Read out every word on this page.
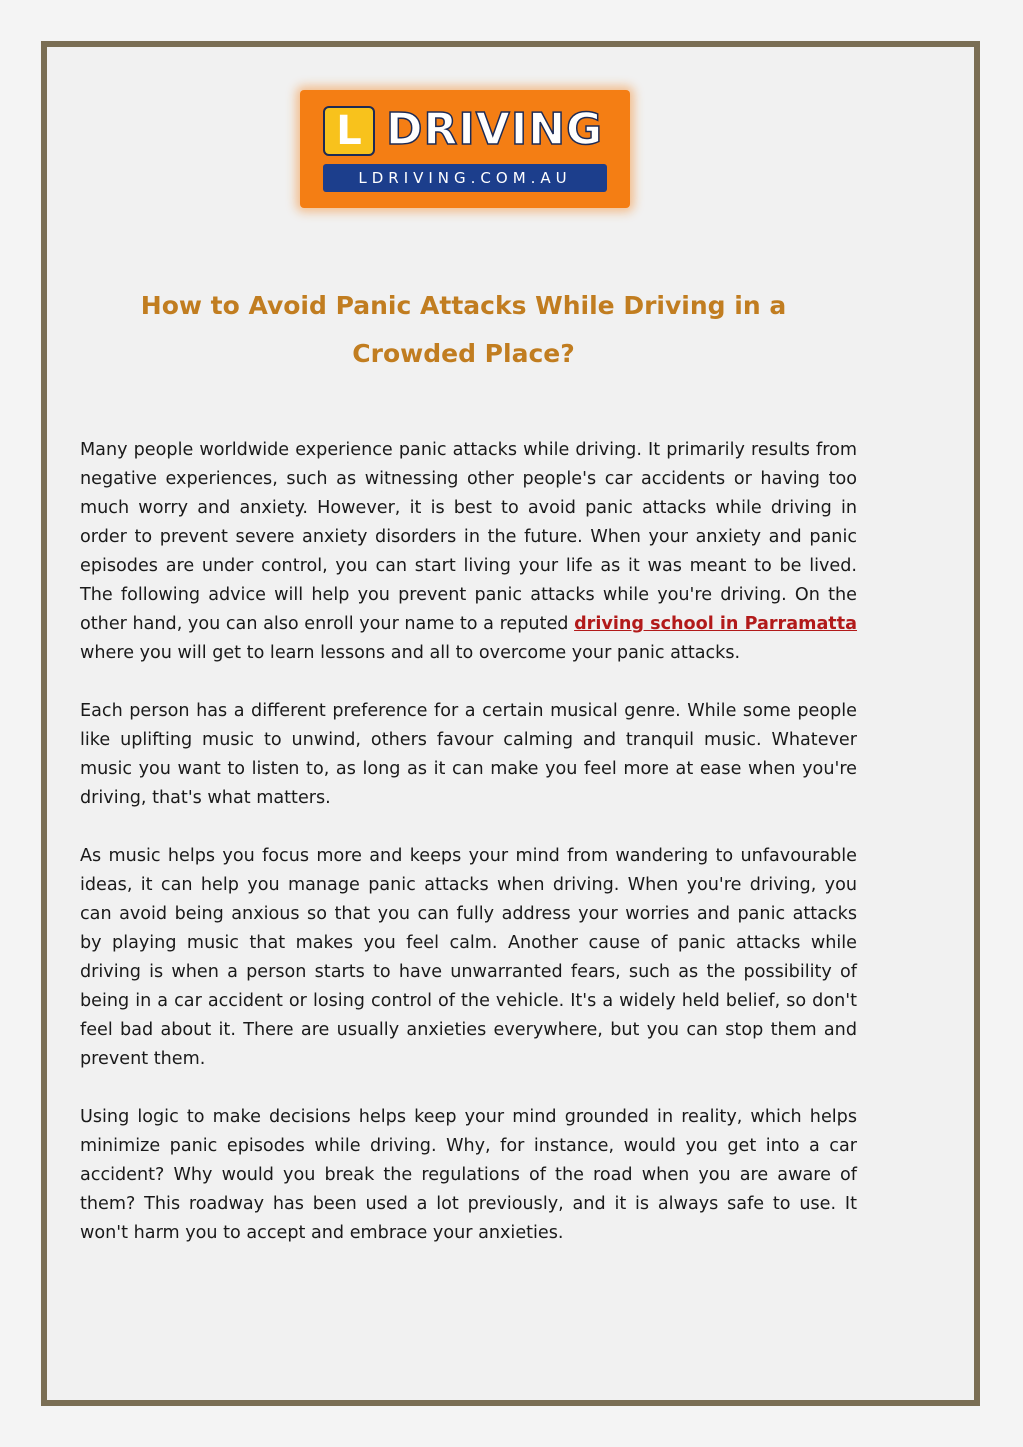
L DRIVING
LDRIVING.COM.AU
How to Avoid Panic Attacks While Driving in a Crowded Place?

Many people worldwide experience panic attacks while driving. It primarily results from negative experiences, such as witnessing other people's car accidents or having too much worry and anxiety. However, it is best to avoid panic attacks while driving in order to prevent severe anxiety disorders in the future. When your anxiety and panic episodes are under control, you can start living your life as it was meant to be lived. The following advice will help you prevent panic attacks while you're driving. On the other hand, you can also enroll your name to a reputed driving school in Parramatta where you will get to learn lessons and all to overcome your panic attacks.

Each person has a different preference for a certain musical genre. While some people like uplifting music to unwind, others favour calming and tranquil music. Whatever music you want to listen to, as long as it can make you feel more at ease when you're driving, that's what matters.

As music helps you focus more and keeps your mind from wandering to unfavourable ideas, it can help you manage panic attacks when driving. When you're driving, you can avoid being anxious so that you can fully address your worries and panic attacks by playing music that makes you feel calm. Another cause of panic attacks while driving is when a person starts to have unwarranted fears, such as the possibility of being in a car accident or losing control of the vehicle. It's a widely held belief, so don't feel bad about it. There are usually anxieties everywhere, but you can stop them and prevent them.

Using logic to make decisions helps keep your mind grounded in reality, which helps minimize panic episodes while driving. Why, for instance, would you get into a car accident? Why would you break the regulations of the road when you are aware of them? This roadway has been used a lot previously, and it is always safe to use. It won't harm you to accept and embrace your anxieties.
